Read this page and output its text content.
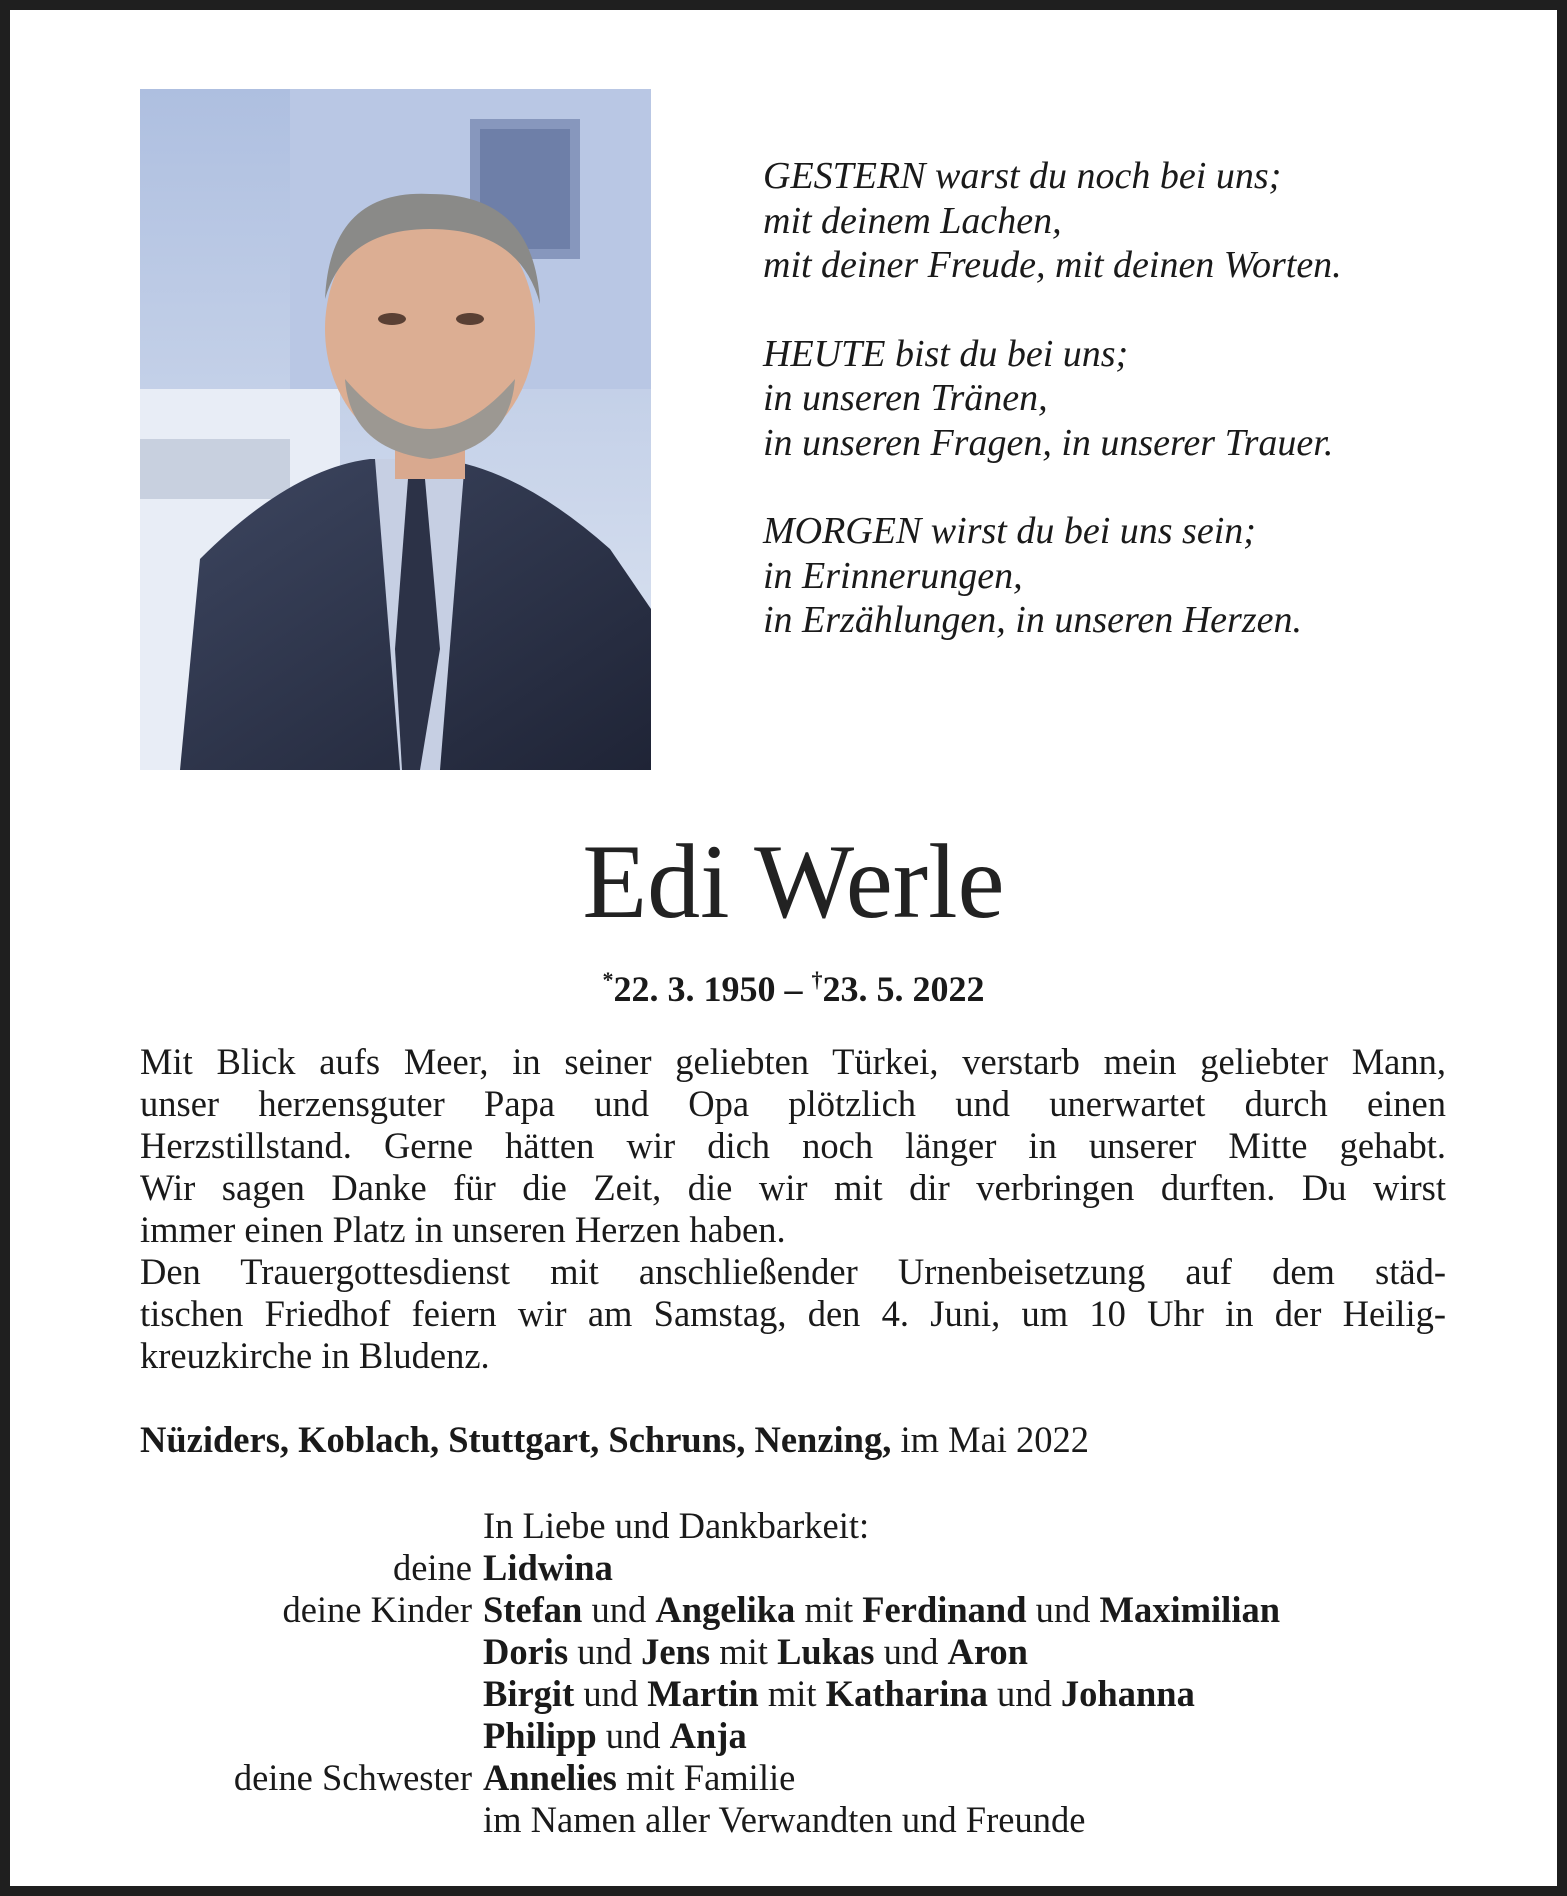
GESTERN warst du noch bei uns;
mit deinem Lachen,
mit deiner Freude, mit deinen Worten.
HEUTE bist du bei uns;
in unseren Tränen,
in unseren Fragen, in unserer Trauer.
MORGEN wirst du bei uns sein;
in Erinnerungen,
in Erzählungen, in unseren Herzen.
Edi Werle
*22. 3. 1950 – †23. 5. 2022
Mit Blick aufs Meer, in seiner geliebten Türkei, verstarb mein geliebter Mann,
unser herzensguter Papa und Opa plötzlich und unerwartet durch einen
Herzstillstand. Gerne hätten wir dich noch länger in unserer Mitte gehabt.
Wir sagen Danke für die Zeit, die wir mit dir verbringen durften. Du wirst
immer einen Platz in unseren Herzen haben.
Den Trauergottesdienst mit anschließender Urnenbeisetzung auf dem städ-
tischen Friedhof feiern wir am Samstag, den 4. Juni, um 10 Uhr in der Heilig-
kreuzkirche in Bludenz.
Nüziders, Koblach, Stuttgart, Schruns, Nenzing, im Mai 2022
In Liebe und Dankbarkeit:
deine Lidwina
deine Kinder Stefan und Angelika mit Ferdinand und Maximilian
Doris und Jens mit Lukas und Aron
Birgit und Martin mit Katharina und Johanna
Philipp und Anja
deine Schwester Annelies mit Familie
im Namen aller Verwandten und Freunde
